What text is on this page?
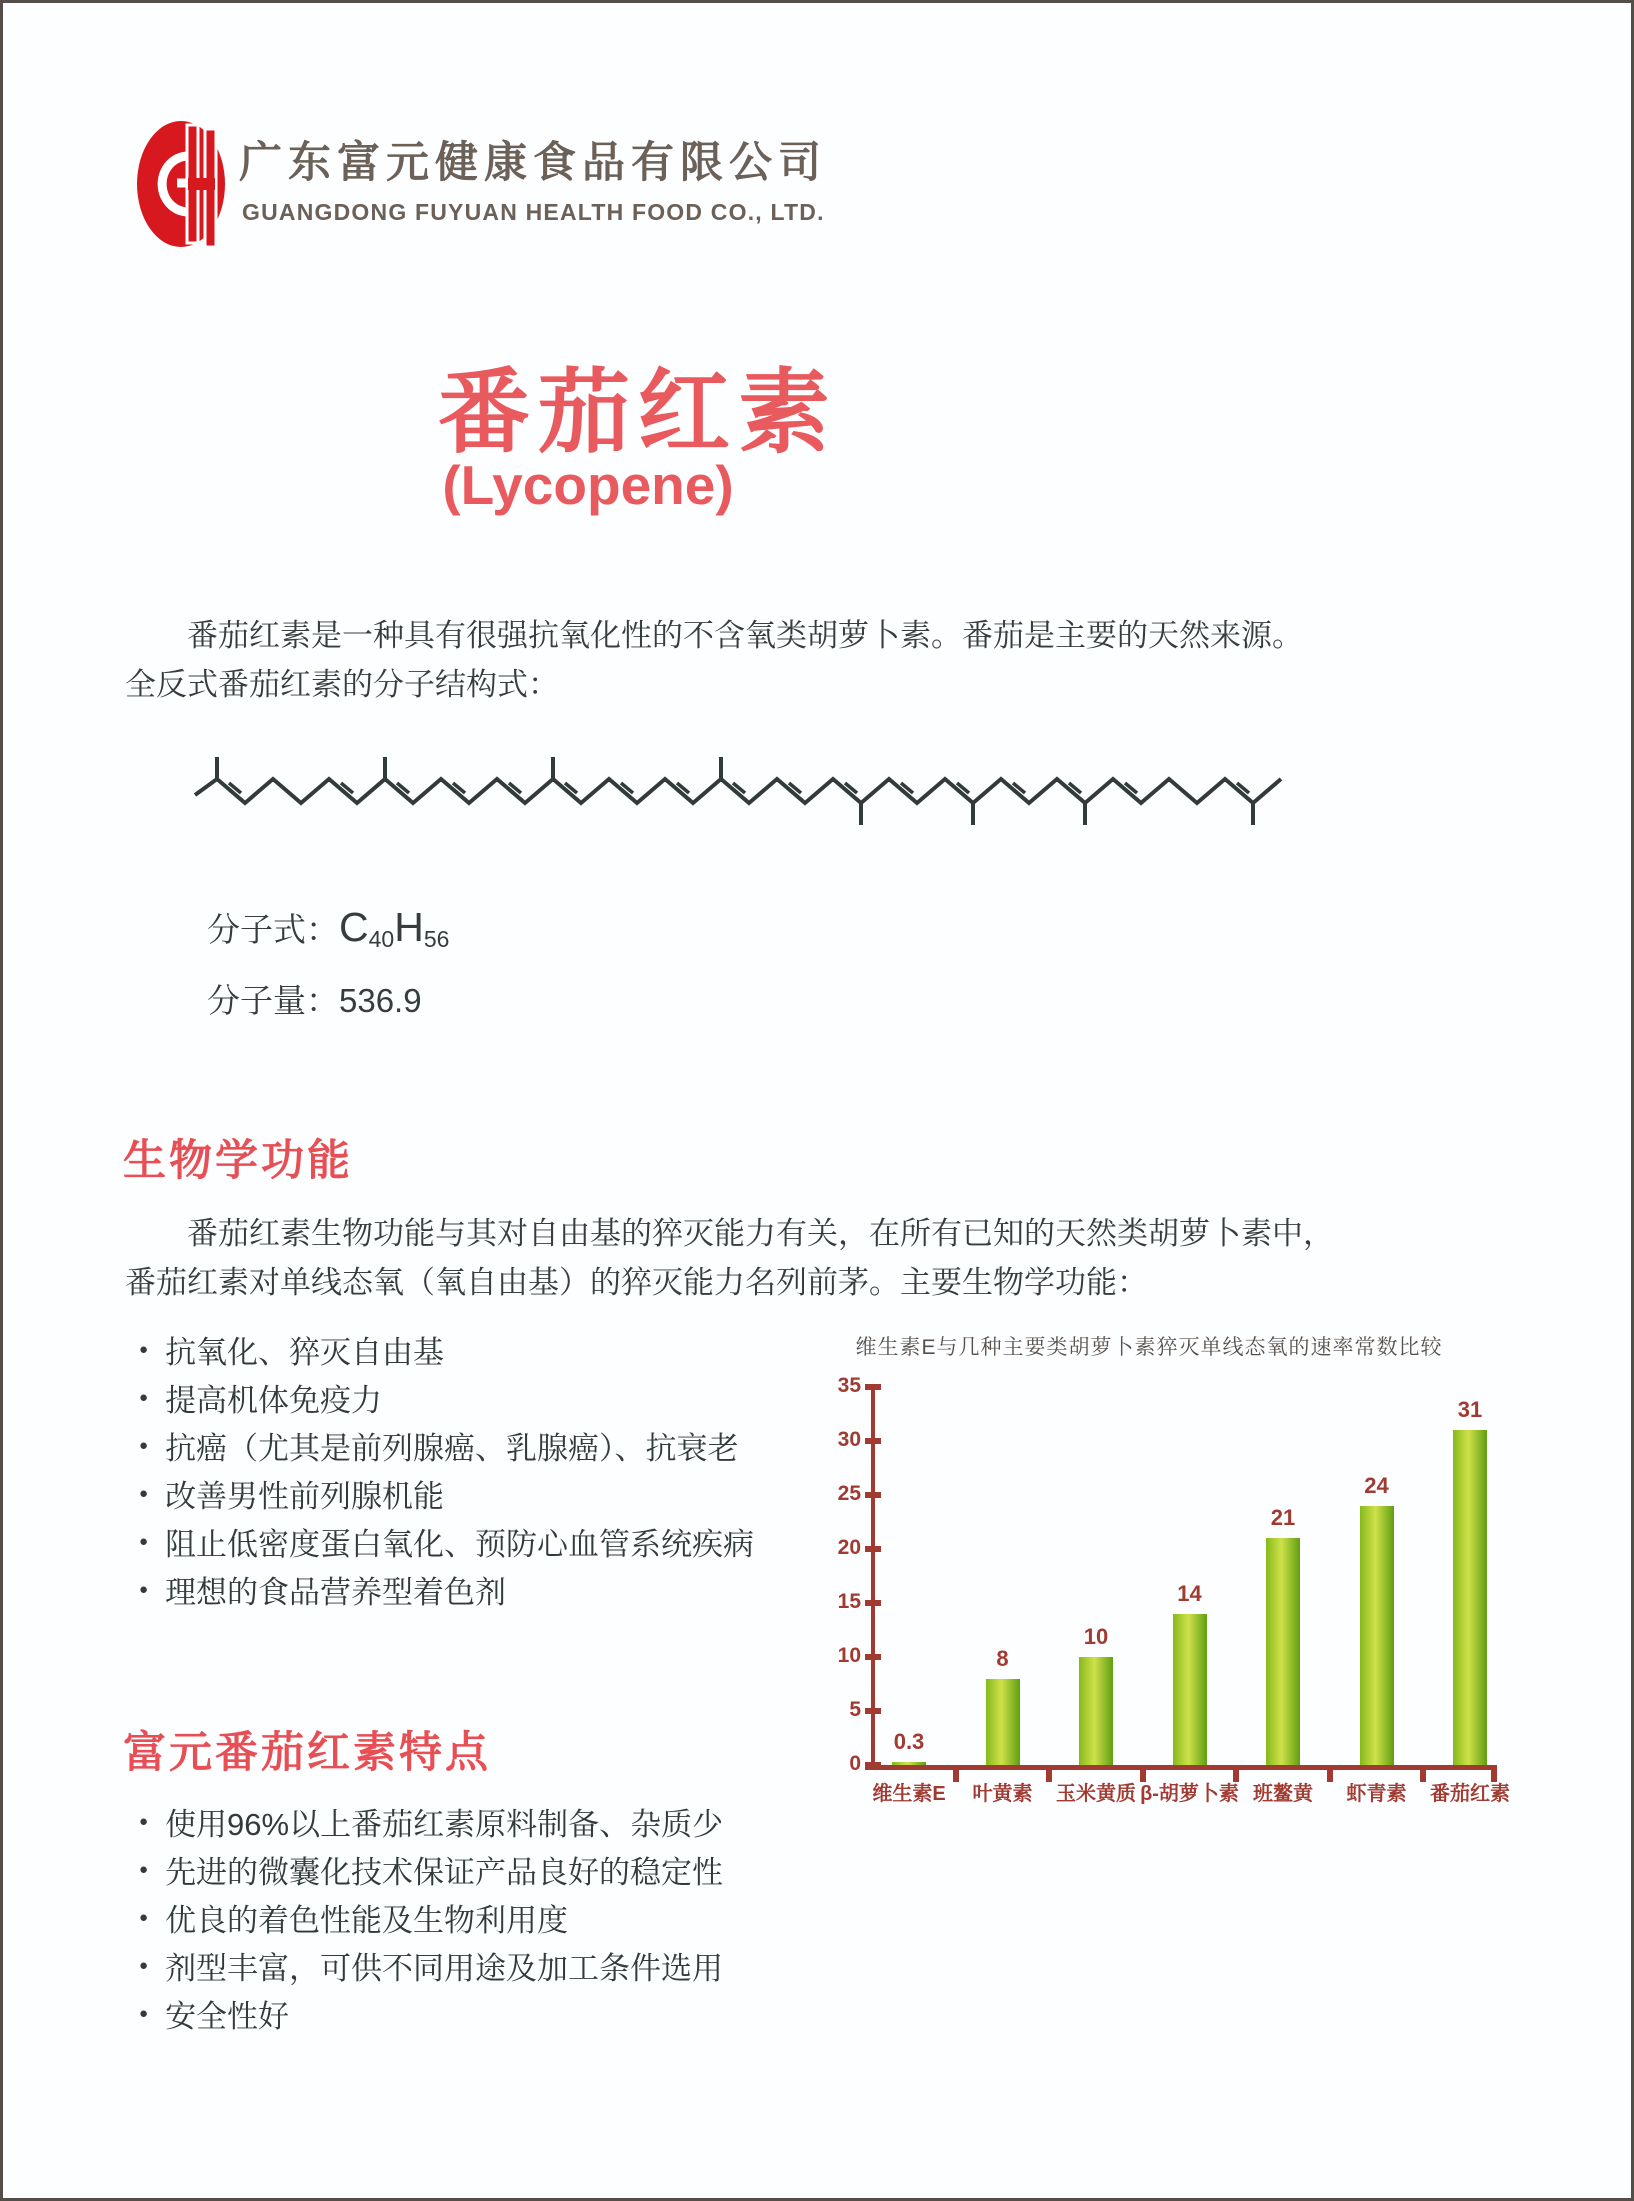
广东富元健康食品有限公司
GUANGDONG FUYUAN HEALTH FOOD CO., LTD.
番茄红素
(Lycopene)
番茄红素是一种具有很强抗氧化性的不含氧类胡萝卜素。番茄是主要的天然来源。
全反式番茄红素的分子结构式：
分子式：C40H56
分子量：536.9
生物学功能
番茄红素生物功能与其对自由基的猝灭能力有关，在所有已知的天然类胡萝卜素中，
番茄红素对单线态氧（氧自由基）的猝灭能力名列前茅。主要生物学功能：
● 抗氧化、猝灭自由基
● 提高机体免疫力
● 抗癌（尤其是前列腺癌、乳腺癌）、抗衰老
● 改善男性前列腺机能
● 阻止低密度蛋白氧化、预防心血管系统疾病
● 理想的食品营养型着色剂
维生素E与几种主要类胡萝卜素猝灭单线态氧的速率常数比较
0
5
10
15
20
25
30
35
0.3
维生素E
8
叶黄素
10
玉米黄质
14
β-胡萝卜素
21
班鳌黄
24
虾青素
31
番茄红素
富元番茄红素特点
● 使用96%以上番茄红素原料制备、杂质少
● 先进的微囊化技术保证产品良好的稳定性
● 优良的着色性能及生物利用度
● 剂型丰富，可供不同用途及加工条件选用
● 安全性好
